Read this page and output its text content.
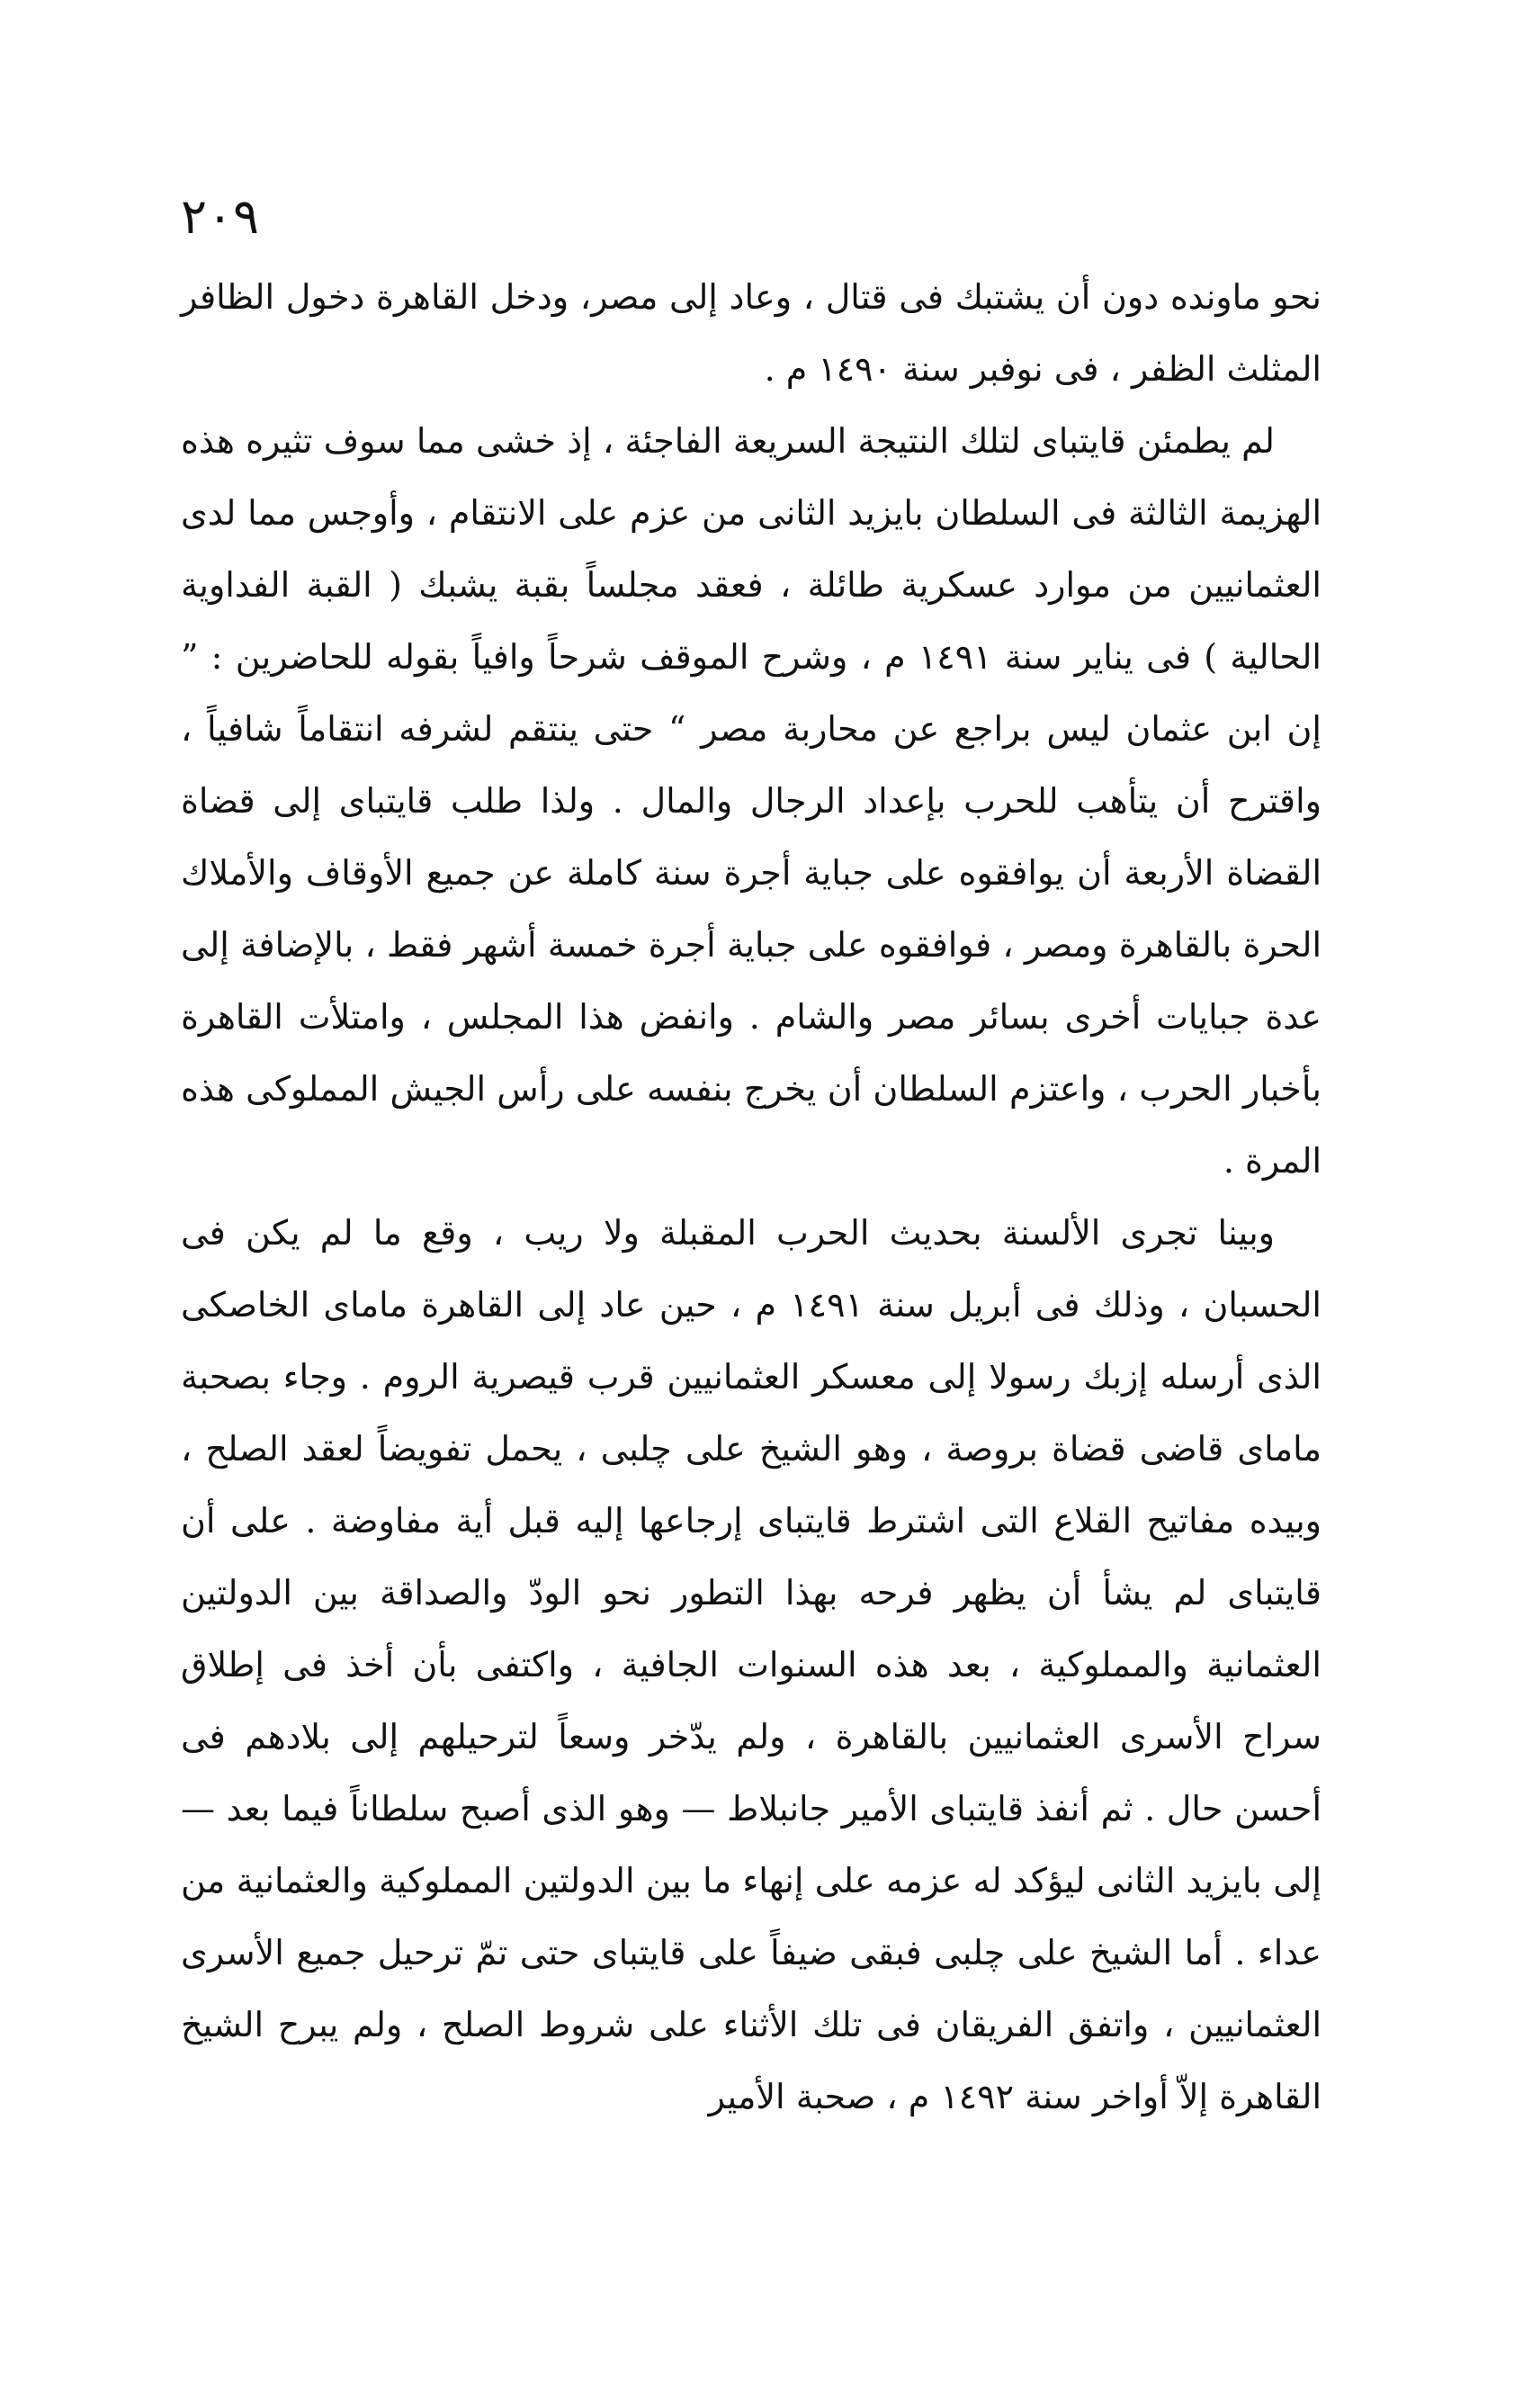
٢٠٩

نحو ماونده دون أن يشتبك فى قتال ، وعاد إلى مصر، ودخل القاهرة دخول الظافر المثلث الظفر ، فى نوفبر سنة ١٤٩٠ م .

لم يطمئن قايتباى لتلك النتيجة السريعة الفاجئة ، إذ خشى مما سوف تثيره هذه الهزيمة الثالثة فى السلطان بايزيد الثانى من عزم على الانتقام ، وأوجس مما لدى العثمانيين من موارد عسكرية طائلة ، فعقد مجلساً بقبة يشبك ( القبة الفداوية الحالية ) فى يناير سنة ١٤٩١ م ، وشرح الموقف شرحاً وافياً بقوله للحاضرين : ” إن ابن عثمان ليس براجع عن محاربة مصر “ حتى ينتقم لشرفه انتقاماً شافياً ، واقترح أن يتأهب للحرب بإعداد الرجال والمال . ولذا طلب قايتباى إلى قضاة القضاة الأربعة أن يوافقوه على جباية أجرة سنة كاملة عن جميع الأوقاف والأملاك الحرة بالقاهرة ومصر ، فوافقوه على جباية أجرة خمسة أشهر فقط ، بالإضافة إلى عدة جبايات أخرى بسائر مصر والشام . وانفض هذا المجلس ، وامتلأت القاهرة بأخبار الحرب ، واعتزم السلطان أن يخرج بنفسه على رأس الجيش المملوكى هذه المرة .

وبينا تجرى الألسنة بحديث الحرب المقبلة ولا ريب ، وقع ما لم يكن فى الحسبان ، وذلك فى أبريل سنة ١٤٩١ م ، حين عاد إلى القاهرة ماماى الخاصكى الذى أرسله إزبك رسولا إلى معسكر العثمانيين قرب قيصرية الروم . وجاء بصحبة ماماى قاضى قضاة بروصة ، وهو الشيخ على چلبى ، يحمل تفويضاً لعقد الصلح ، وبيده مفاتيح القلاع التى اشترط قايتباى إرجاعها إليه قبل أية مفاوضة . على أن قايتباى لم يشأ أن يظهر فرحه بهذا التطور نحو الودّ والصداقة بين الدولتين العثمانية والمملوكية ، بعد هذه السنوات الجافية ، واكتفى بأن أخذ فى إطلاق سراح الأسرى العثمانيين بالقاهرة ، ولم يدّخر وسعاً لترحيلهم إلى بلادهم فى أحسن حال . ثم أنفذ قايتباى الأمير جانبلاط — وهو الذى أصبح سلطاناً فيما بعد — إلى بايزيد الثانى ليؤكد له عزمه على إنهاء ما بين الدولتين المملوكية والعثمانية من عداء . أما الشيخ على چلبى فبقى ضيفاً على قايتباى حتى تمّ ترحيل جميع الأسرى العثمانيين ، واتفق الفريقان فى تلك الأثناء على شروط الصلح ، ولم يبرح الشيخ القاهرة إلاّ أواخر سنة ١٤٩٢ م ، صحبة الأمير
